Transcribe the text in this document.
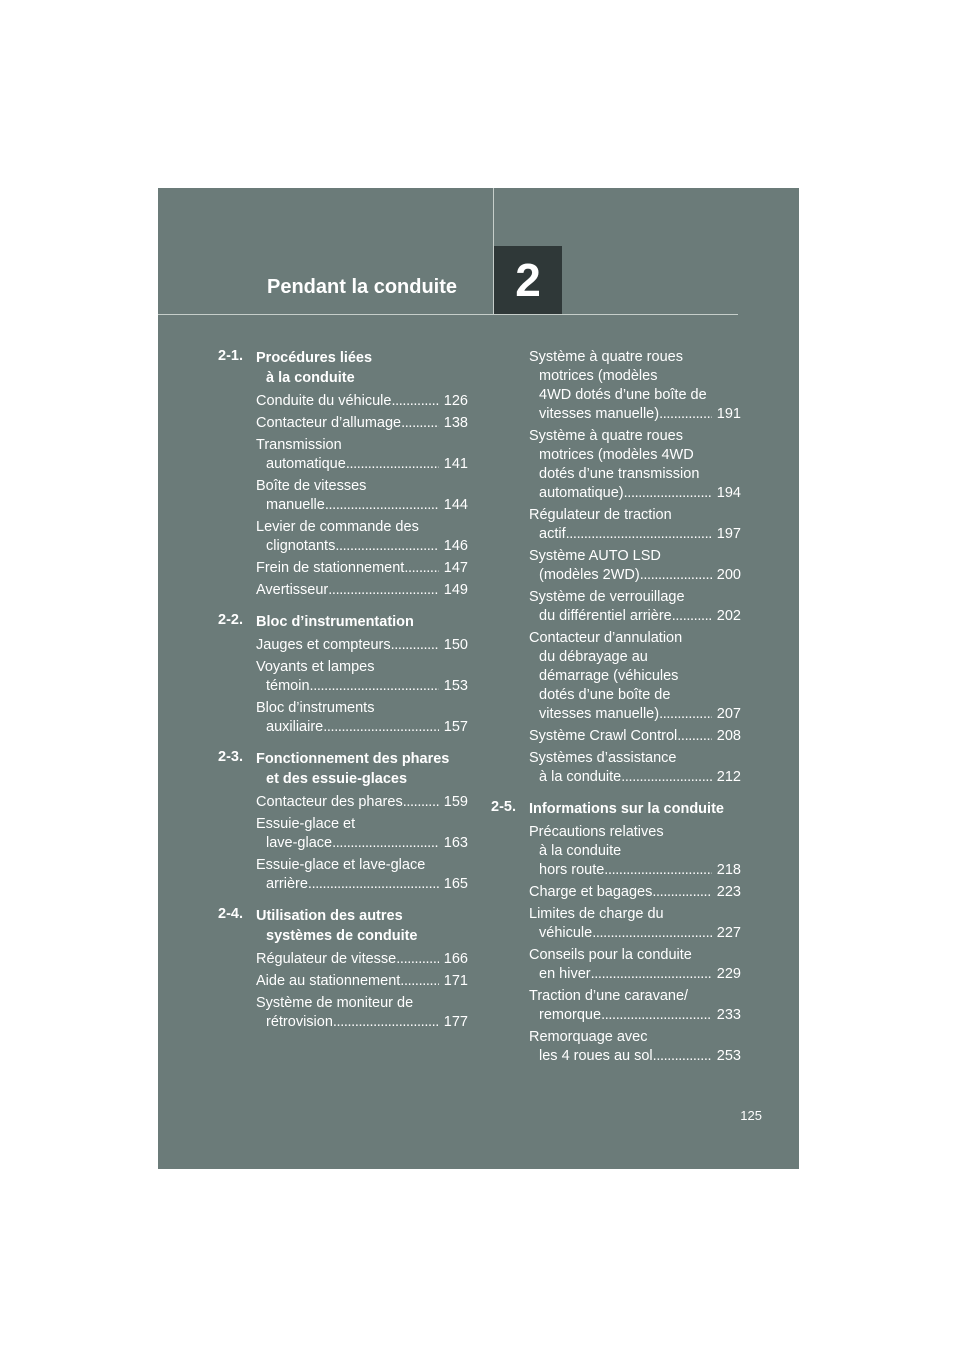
Pendant la conduite	2
2-1. Procédures liées
à la conduite
Conduite du véhicule . . .	126
Contacteur d’allumage . . .	138
Transmission
automatique . . .	141
Boîte de vitesses
manuelle . . .	144
Levier de commande des
clignotants . . .	146
Frein de stationnement . . .	147
Avertisseur . . .	149
2-2. Bloc d’instrumentation
Jauges et compteurs . . .	150
Voyants et lampes
témoin . . .	153
Bloc d’instruments
auxiliaire . . .	157
2-3. Fonctionnement des phares
et des essuie-glaces
Contacteur des phares . . .	159
Essuie-glace et
lave-glace . . .	163
Essuie-glace et lave-glace
arrière . . .	165
2-4. Utilisation des autres
systèmes de conduite
Régulateur de vitesse . . .	166
Aide au stationnement . . .	171
Système de moniteur de
rétrovision . . .	177
Système à quatre roues
motrices (modèles
4WD dotés d’une boîte de
vitesses manuelle) . . .	191
Système à quatre roues
motrices (modèles 4WD
dotés d’une transmission
automatique) . . .	194
Régulateur de traction
actif . . .	197
Système AUTO LSD
(modèles 2WD) . . .	200
Système de verrouillage
du différentiel arrière . . .	202
Contacteur d’annulation
du débrayage au
démarrage (véhicules
dotés d’une boîte de
vitesses manuelle) . . .	207
Système Crawl Control . . .	208
Systèmes d’assistance
à la conduite . . .	212
2-5. Informations sur la conduite
Précautions relatives
à la conduite
hors route . . .	218
Charge et bagages . . .	223
Limites de charge du
véhicule . . .	227
Conseils pour la conduite
en hiver . . .	229
Traction d’une caravane/
remorque . . .	233
Remorquage avec
les 4 roues au sol . . .	253
125
